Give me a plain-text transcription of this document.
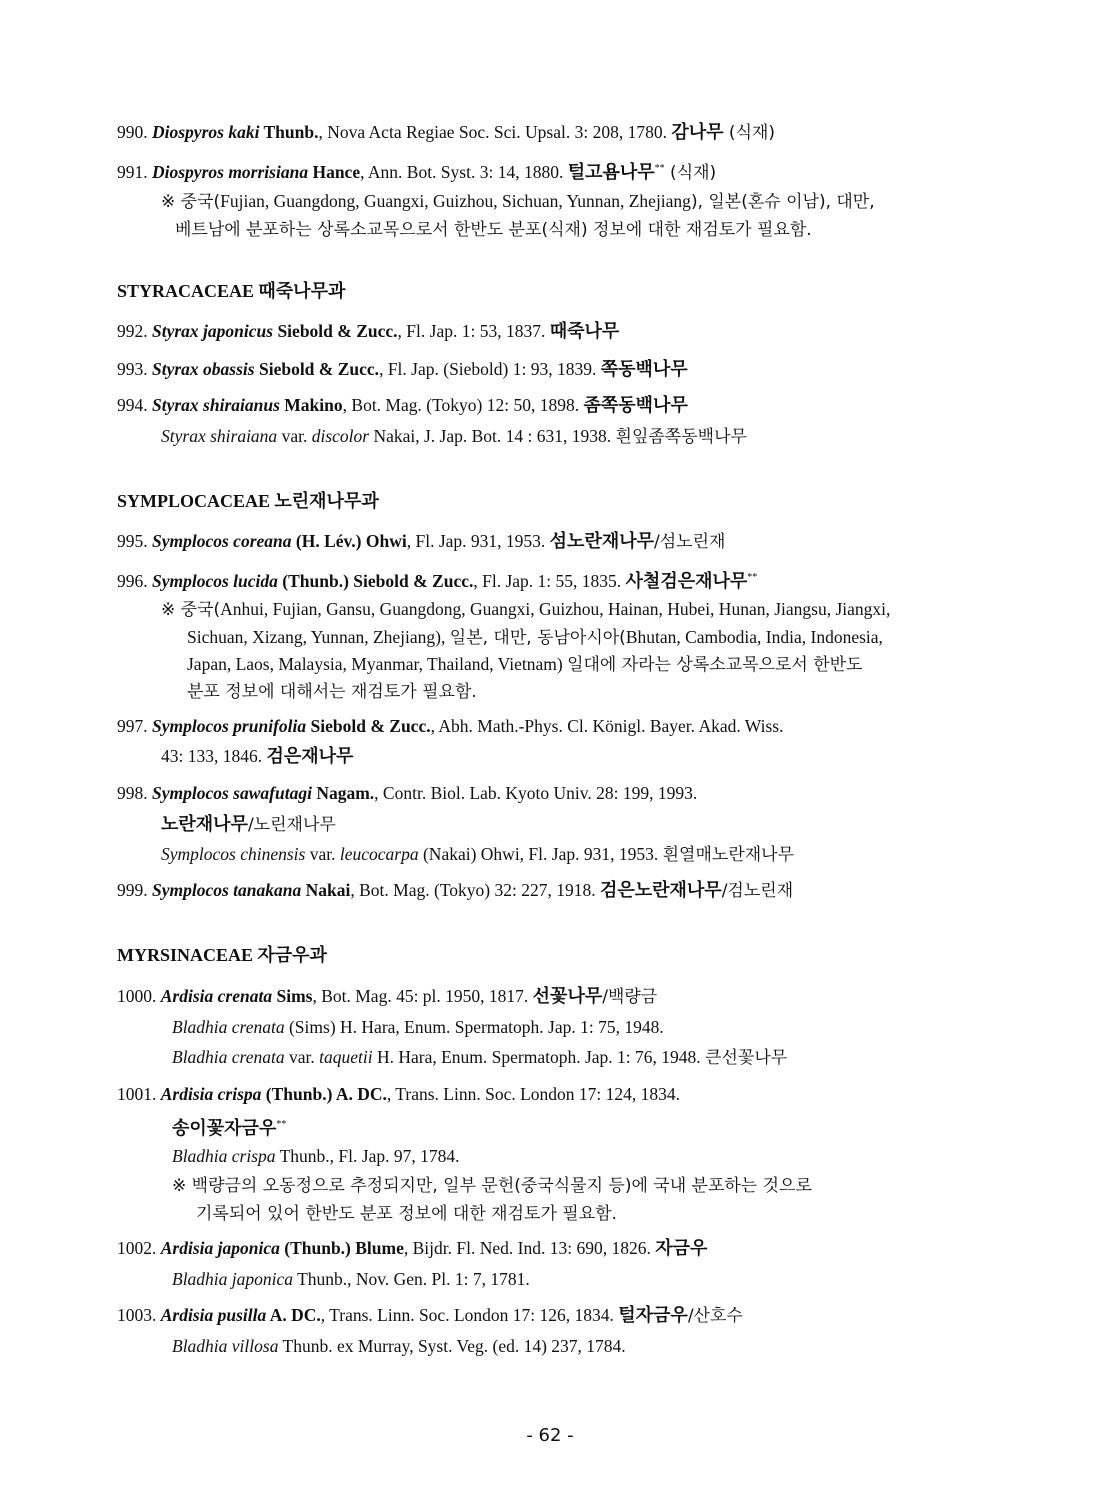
990. Diospyros kaki Thunb., Nova Acta Regiae Soc. Sci. Upsal. 3: 208, 1780. 감나무 (식재)
991. Diospyros morrisiana Hance, Ann. Bot. Syst. 3: 14, 1880. 털고욤나무** (식재)
※ 중국(Fujian, Guangdong, Guangxi, Guizhou, Sichuan, Yunnan, Zhejiang), 일본(혼슈 이남), 대만,
베트남에 분포하는 상록소교목으로서 한반도 분포(식재) 정보에 대한 재검토가 필요함.
STYRACACEAE 때죽나무과
992. Styrax japonicus Siebold & Zucc., Fl. Jap. 1: 53, 1837. 때죽나무
993. Styrax obassis Siebold & Zucc., Fl. Jap. (Siebold) 1: 93, 1839. 쪽동백나무
994. Styrax shiraianus Makino, Bot. Mag. (Tokyo) 12: 50, 1898. 좀쪽동백나무
Styrax shiraiana var. discolor Nakai, J. Jap. Bot. 14 : 631, 1938. 흰잎좀쪽동백나무
SYMPLOCACEAE 노린재나무과
995. Symplocos coreana (H. Lév.) Ohwi, Fl. Jap. 931, 1953. 섬노란재나무/섬노린재
996. Symplocos lucida (Thunb.) Siebold & Zucc., Fl. Jap. 1: 55, 1835. 사철검은재나무**
※ 중국(Anhui, Fujian, Gansu, Guangdong, Guangxi, Guizhou, Hainan, Hubei, Hunan, Jiangsu, Jiangxi,
Sichuan, Xizang, Yunnan, Zhejiang), 일본, 대만, 동남아시아(Bhutan, Cambodia, India, Indonesia,
Japan, Laos, Malaysia, Myanmar, Thailand, Vietnam) 일대에 자라는 상록소교목으로서 한반도
분포 정보에 대해서는 재검토가 필요함.
997. Symplocos prunifolia Siebold & Zucc., Abh. Math.-Phys. Cl. Königl. Bayer. Akad. Wiss.
43: 133, 1846. 검은재나무
998. Symplocos sawafutagi Nagam., Contr. Biol. Lab. Kyoto Univ. 28: 199, 1993.
노란재나무/노린재나무
Symplocos chinensis var. leucocarpa (Nakai) Ohwi, Fl. Jap. 931, 1953. 흰열매노란재나무
999. Symplocos tanakana Nakai, Bot. Mag. (Tokyo) 32: 227, 1918. 검은노란재나무/검노린재
MYRSINACEAE 자금우과
1000. Ardisia crenata Sims, Bot. Mag. 45: pl. 1950, 1817. 선꽃나무/백량금
Bladhia crenata (Sims) H. Hara, Enum. Spermatoph. Jap. 1: 75, 1948.
Bladhia crenata var. taquetii H. Hara, Enum. Spermatoph. Jap. 1: 76, 1948. 큰선꽃나무
1001. Ardisia crispa (Thunb.) A. DC., Trans. Linn. Soc. London 17: 124, 1834.
송이꽃자금우**
Bladhia crispa Thunb., Fl. Jap. 97, 1784.
※ 백량금의 오동정으로 추정되지만, 일부 문헌(중국식물지 등)에 국내 분포하는 것으로
기록되어 있어 한반도 분포 정보에 대한 재검토가 필요함.
1002. Ardisia japonica (Thunb.) Blume, Bijdr. Fl. Ned. Ind. 13: 690, 1826. 자금우
Bladhia japonica Thunb., Nov. Gen. Pl. 1: 7, 1781.
1003. Ardisia pusilla A. DC., Trans. Linn. Soc. London 17: 126, 1834. 털자금우/산호수
Bladhia villosa Thunb. ex Murray, Syst. Veg. (ed. 14) 237, 1784.
- 62 -
